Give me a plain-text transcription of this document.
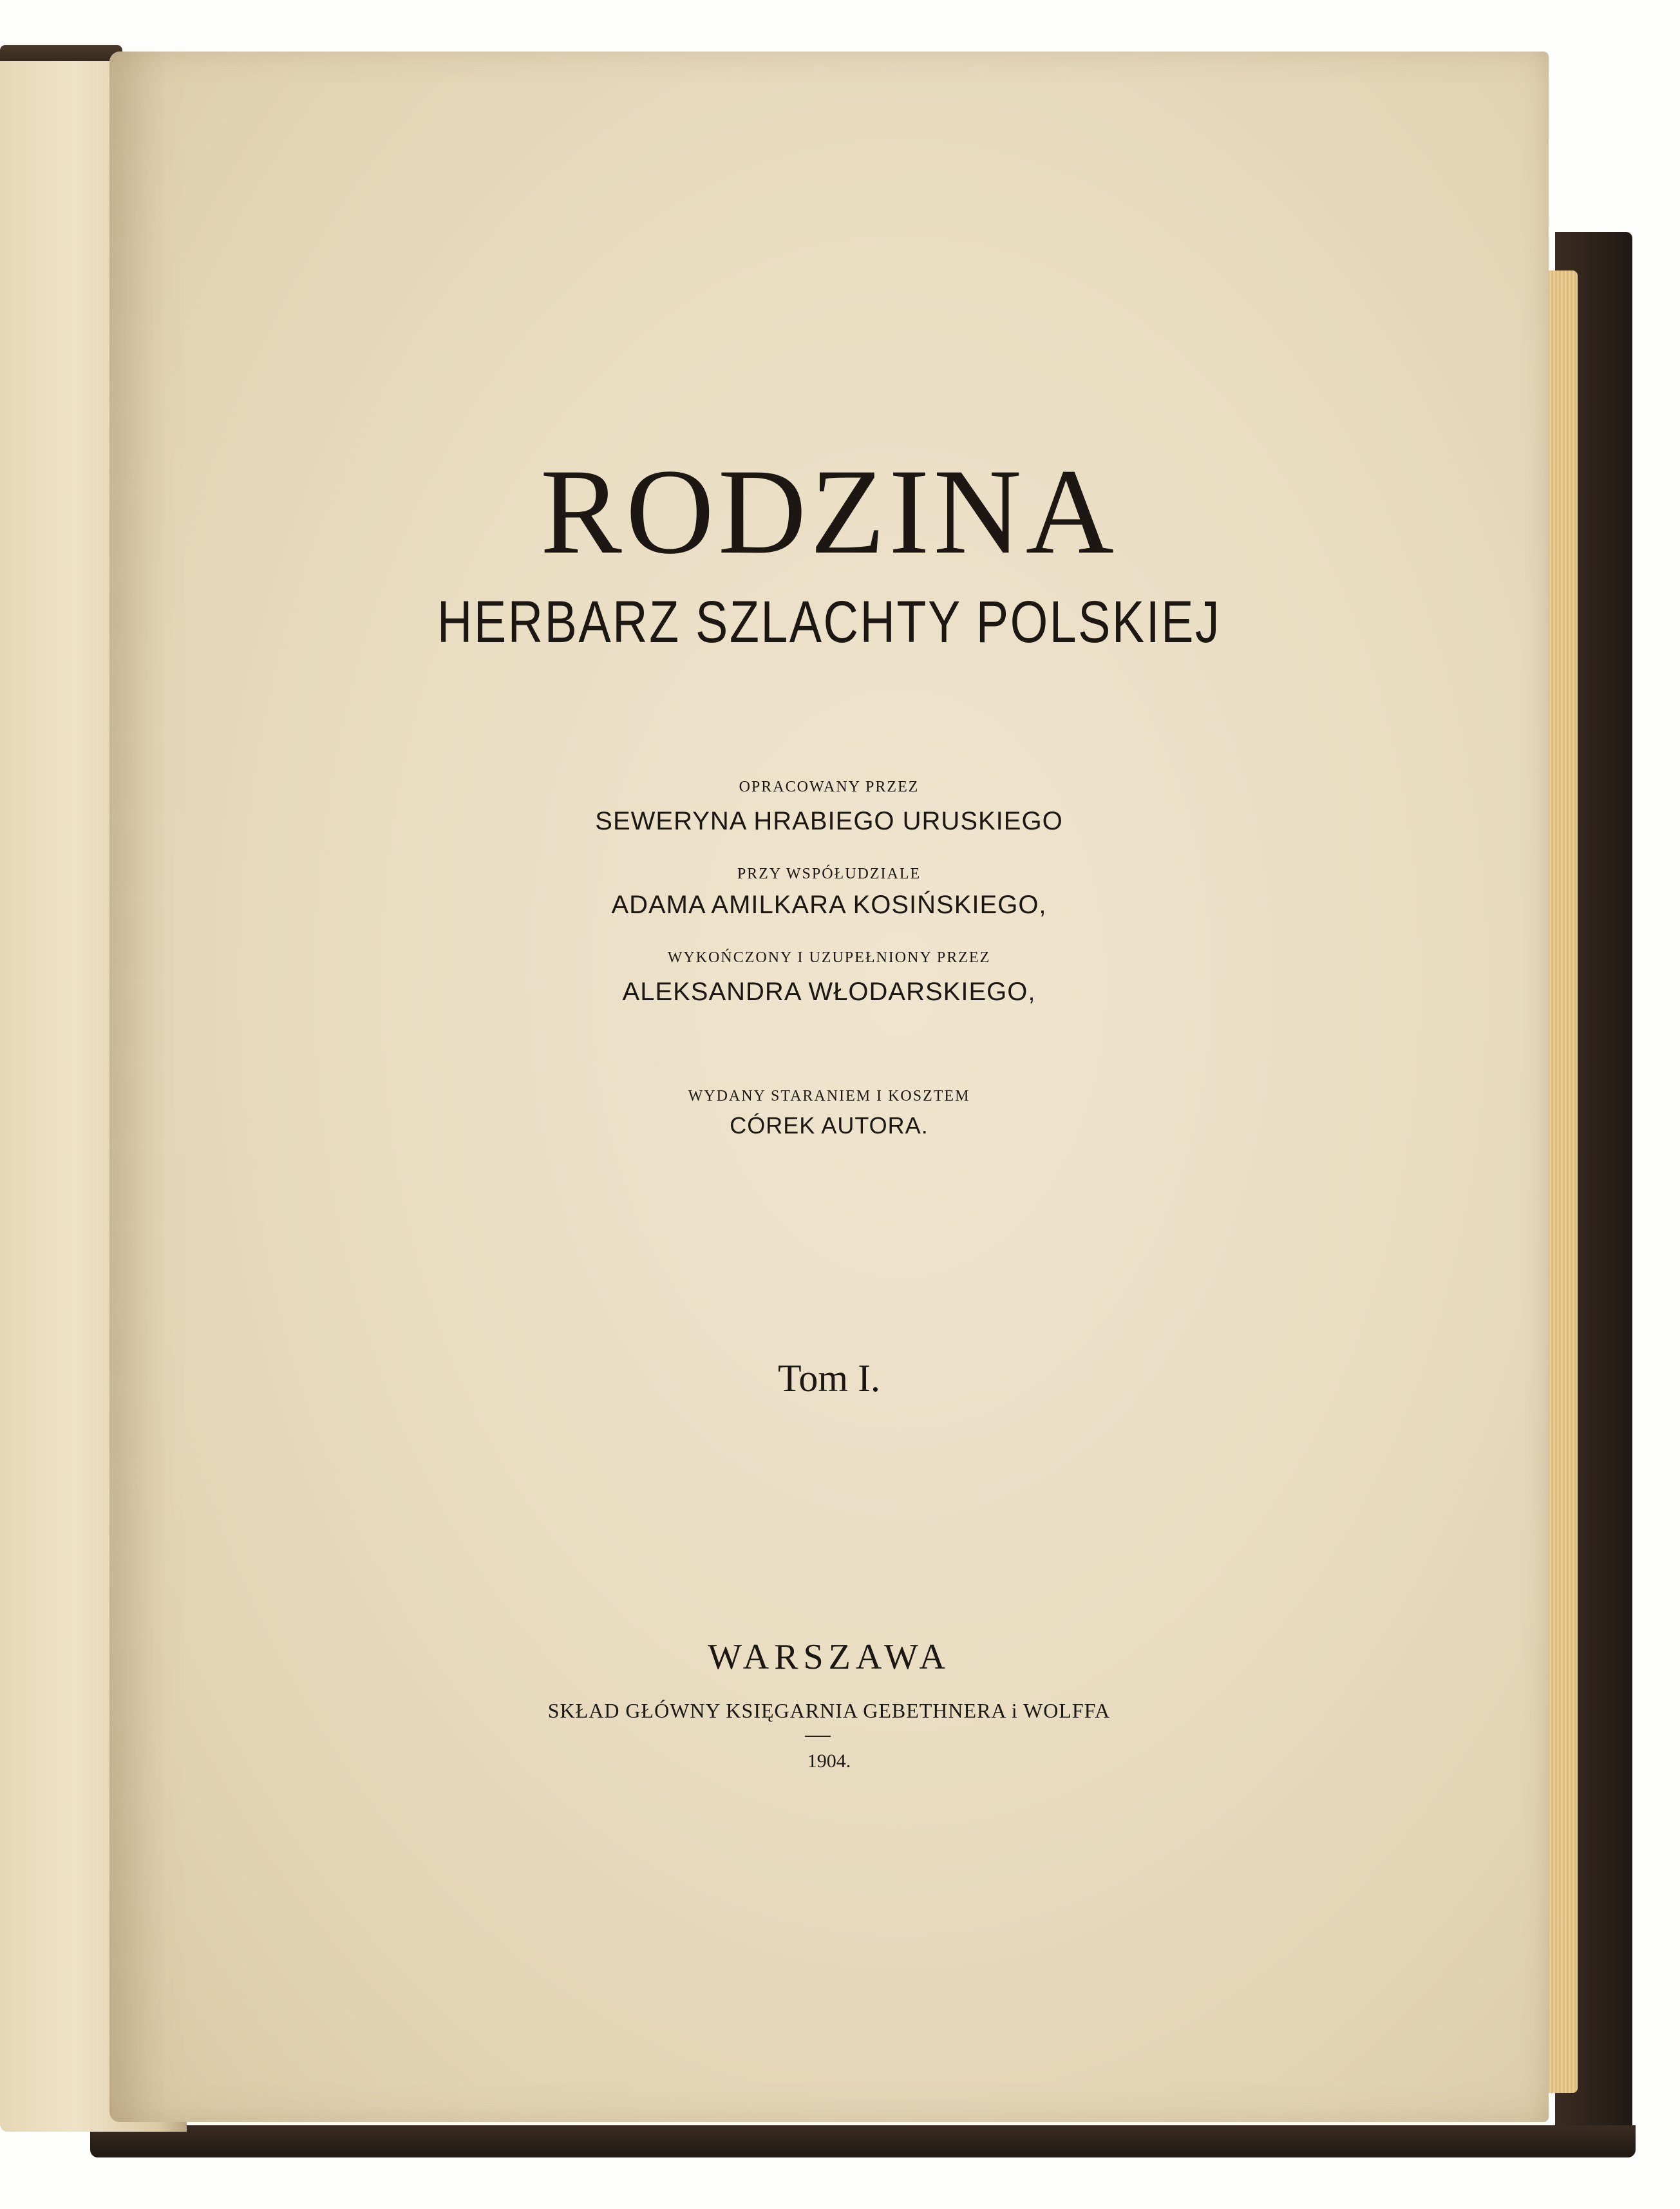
RODZINA
HERBARZ SZLACHTY POLSKIEJ
OPRACOWANY PRZEZ
SEWERYNA HRABIEGO URUSKIEGO
PRZY WSPÓŁUDZIALE
ADAMA AMILKARA KOSIŃSKIEGO,
WYKOŃCZONY I UZUPEŁNIONY PRZEZ
ALEKSANDRA WŁODARSKIEGO,
WYDANY STARANIEM I KOSZTEM
CÓREK AUTORA.
Tom I.
WARSZAWA
SKŁAD GŁÓWNY KSIĘGARNIA GEBETHNERA i WOLFFA
1904.
